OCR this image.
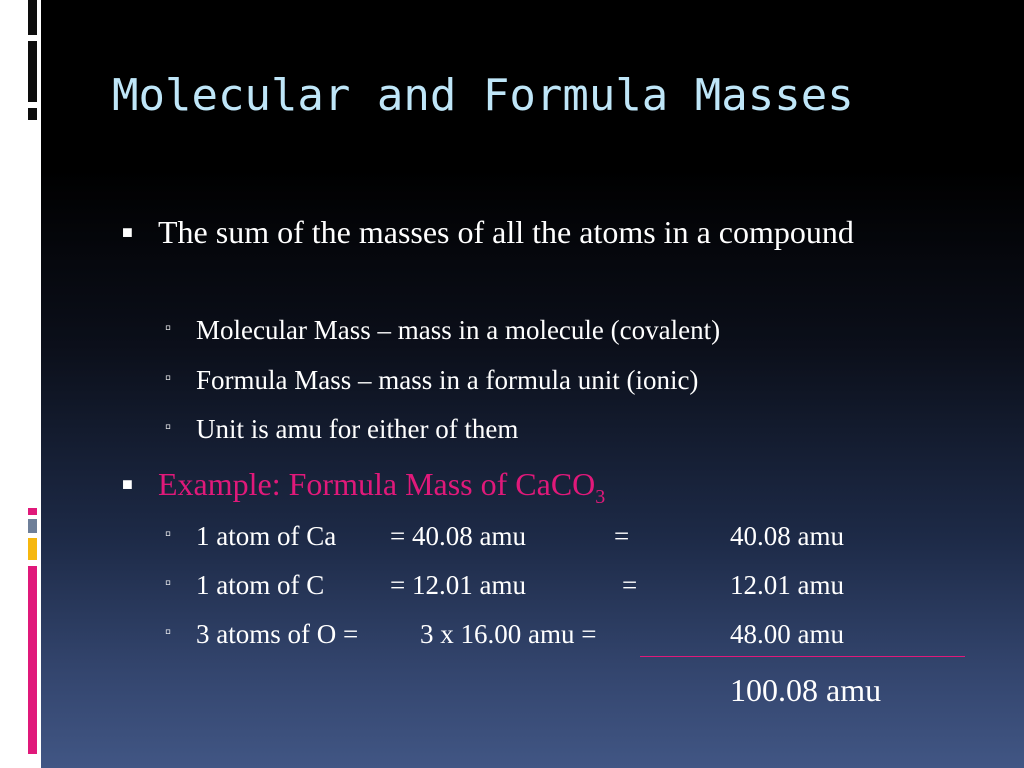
Molecular and Formula Masses
■ The sum of the masses of all the atoms in a compound
▫ Molecular Mass – mass in a molecule (covalent)
▫ Formula Mass – mass in a formula unit (ionic)
▫ Unit is amu for either of them
■ Example: Formula Mass of CaCO$_3$
▫ 1 atom of Ca = 40.08 amu	=	40.08 amu
▫ 1 atom of C = 12.01 amu	=	12.01 amu
▫ 3 atoms of O = 3 x 16.00 amu =	48.00 amu
100.08 amu
